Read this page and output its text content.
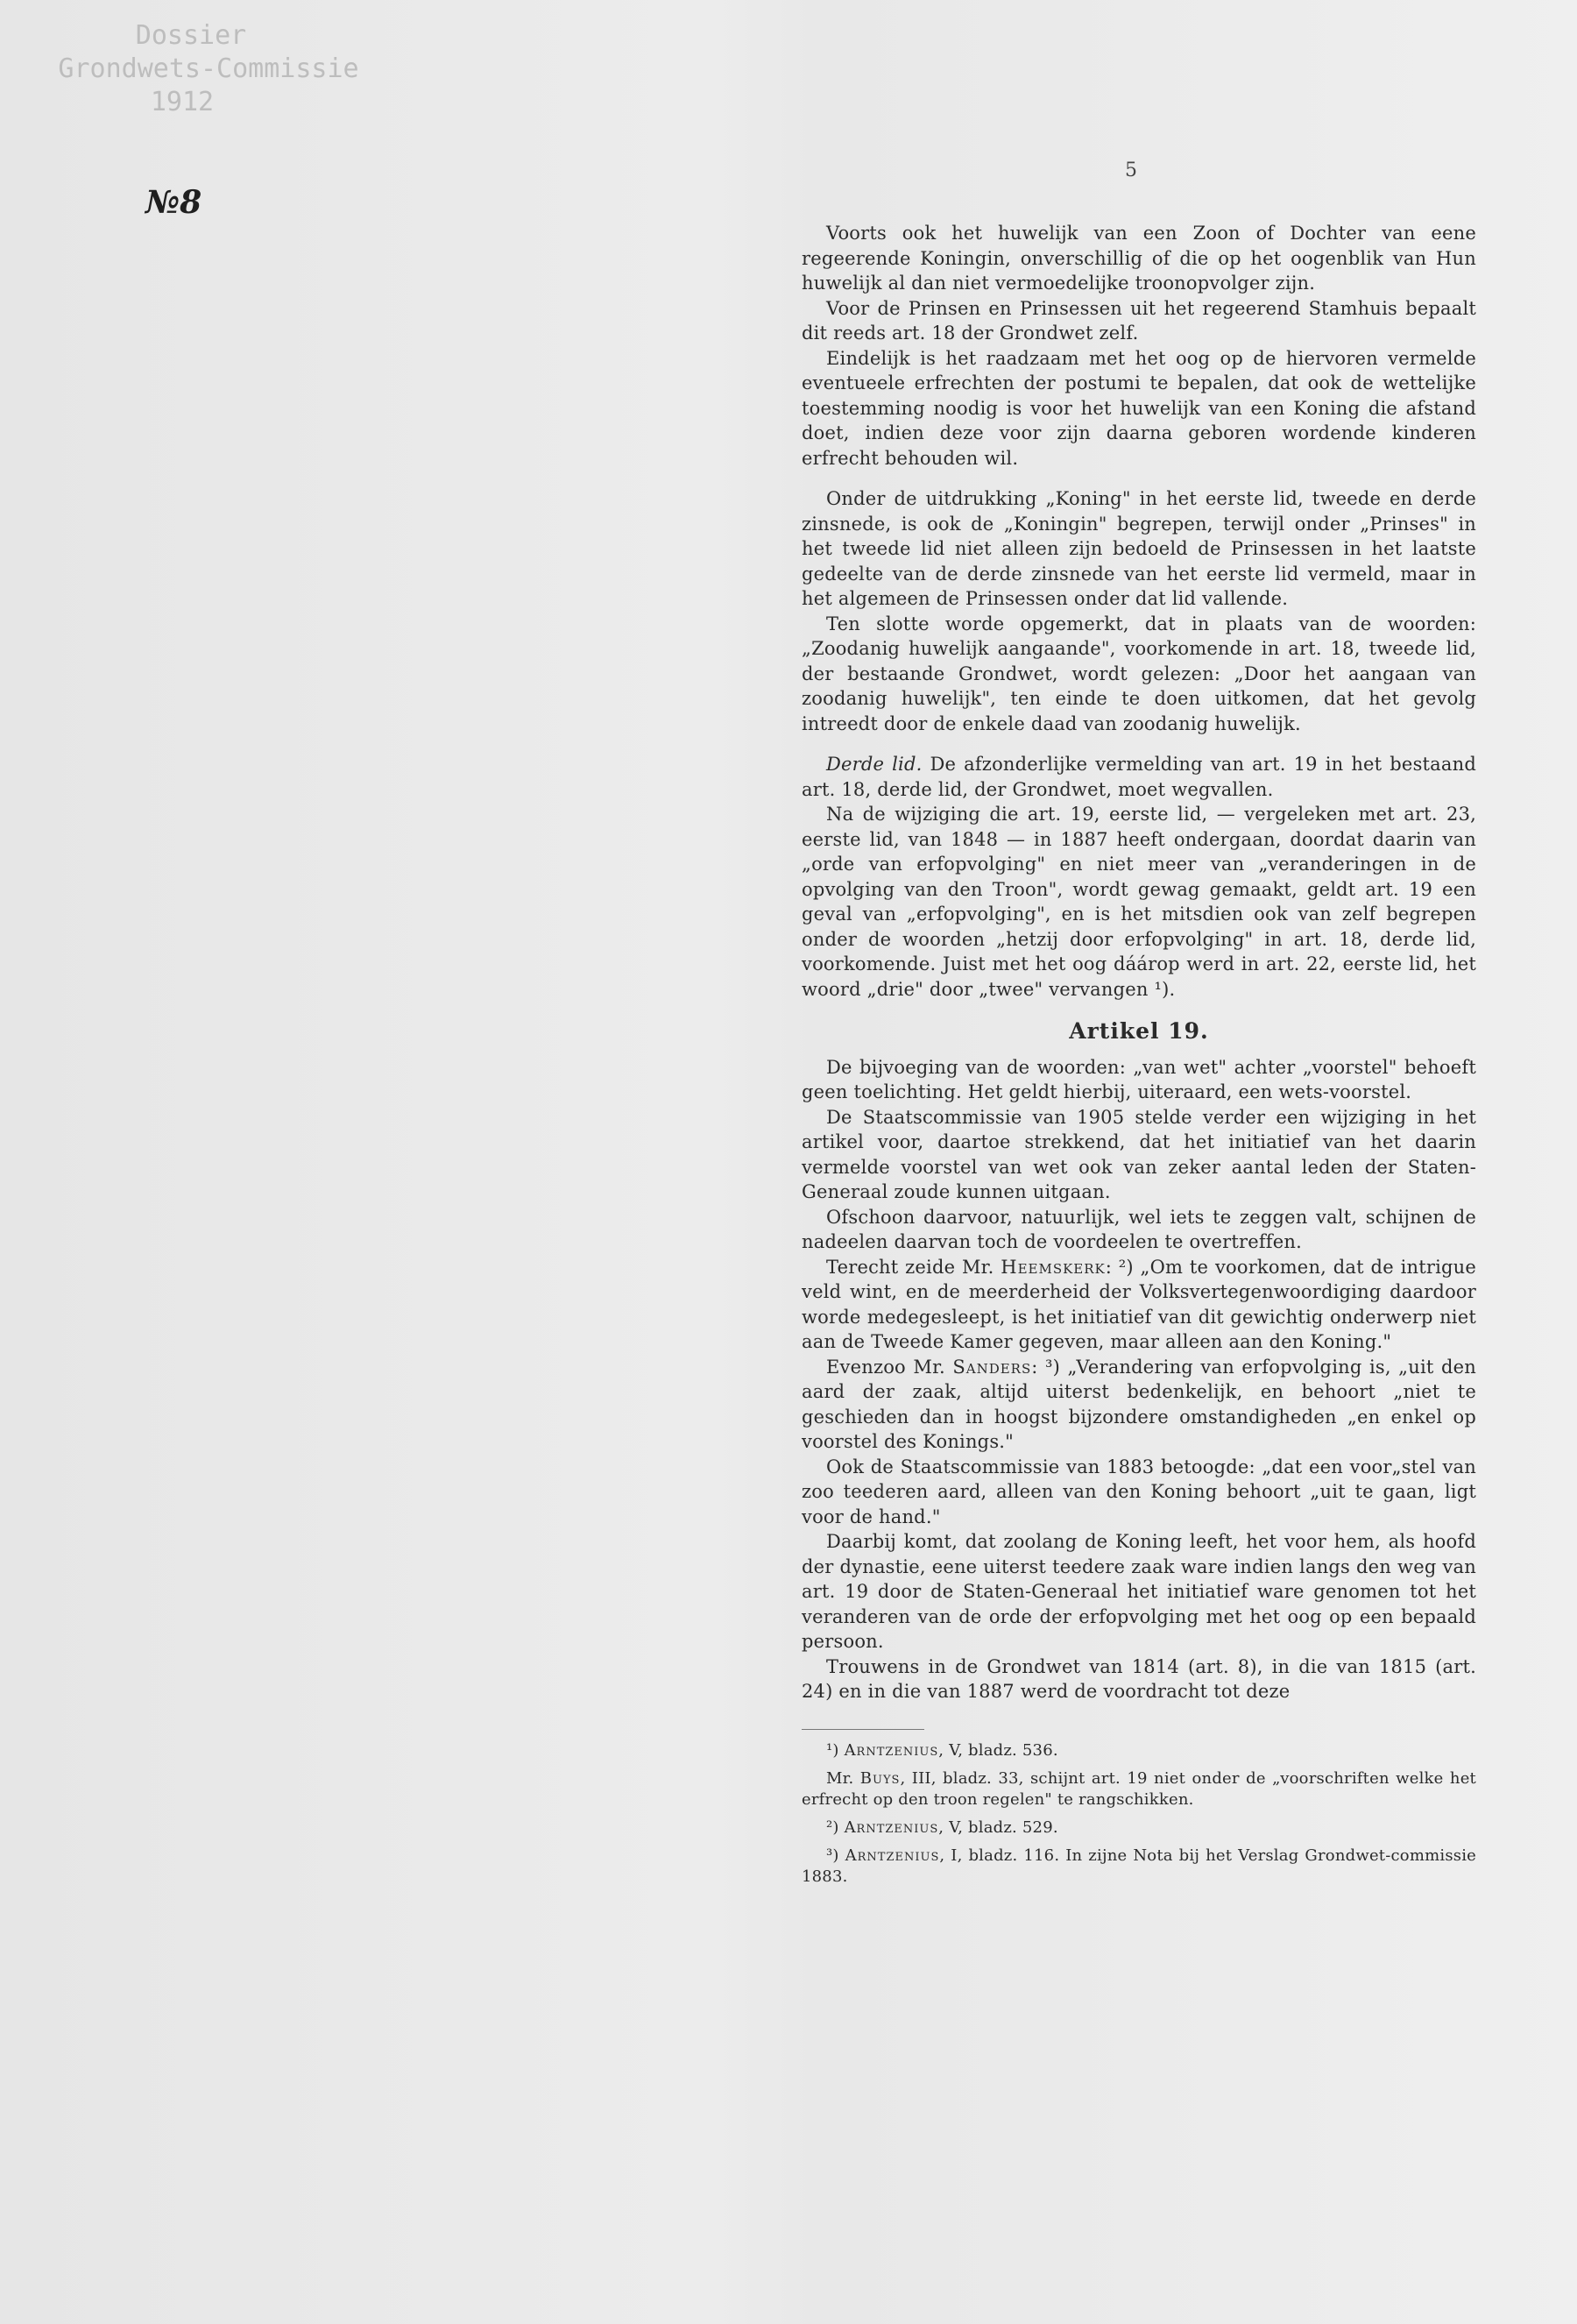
Dossier
Grondwets-Commissie
1912
№8
5

Voorts ook het huwelijk van een Zoon of Dochter van eene regeerende Koningin, onverschillig of die op het oogenblik van Hun huwelijk al dan niet vermoedelijke troonopvolger zijn.

Voor de Prinsen en Prinsessen uit het regeerend Stamhuis bepaalt dit reeds art. 18 der Grondwet zelf.

Eindelijk is het raadzaam met het oog op de hiervoren vermelde eventueele erfrechten der postumi te bepalen, dat ook de wettelijke toestemming noodig is voor het huwelijk van een Koning die afstand doet, indien deze voor zijn daarna geboren wordende kinderen erfrecht behouden wil.

Onder de uitdrukking „Koning" in het eerste lid, tweede en derde zinsnede, is ook de „Koningin" begrepen, terwijl onder „Prinses" in het tweede lid niet alleen zijn bedoeld de Prinsessen in het laatste gedeelte van de derde zinsnede van het eerste lid vermeld, maar in het algemeen de Prinsessen onder dat lid vallende.

Ten slotte worde opgemerkt, dat in plaats van de woorden: „Zoodanig huwelijk aangaande", voorkomende in art. 18, tweede lid, der bestaande Grondwet, wordt gelezen: „Door het aangaan van zoodanig huwelijk", ten einde te doen uitkomen, dat het gevolg intreedt door de enkele daad van zoodanig huwelijk.

Derde lid. De afzonderlijke vermelding van art. 19 in het bestaand art. 18, derde lid, der Grondwet, moet wegvallen.

Na de wijziging die art. 19, eerste lid, — vergeleken met art. 23, eerste lid, van 1848 — in 1887 heeft ondergaan, doordat daarin van „orde van erfopvolging" en niet meer van „veranderingen in de opvolging van den Troon", wordt gewag gemaakt, geldt art. 19 een geval van „erfopvolging", en is het mitsdien ook van zelf begrepen onder de woorden „hetzij door erfopvolging" in art. 18, derde lid, voorkomende. Juist met het oog dáárop werd in art. 22, eerste lid, het woord „drie" door „twee" vervangen ¹).

Artikel 19.

De bijvoeging van de woorden: „van wet" achter „voorstel" behoeft geen toelichting. Het geldt hierbij, uiteraard, een wets-voorstel.

De Staatscommissie van 1905 stelde verder een wijziging in het artikel voor, daartoe strekkend, dat het initiatief van het daarin vermelde voorstel van wet ook van zeker aantal leden der Staten-Generaal zoude kunnen uitgaan.

Ofschoon daarvoor, natuurlijk, wel iets te zeggen valt, schijnen de nadeelen daarvan toch de voordeelen te overtreffen.

Terecht zeide Mr. Heemskerk: ²) „Om te voorkomen, dat de intrigue veld wint, en de meerderheid der Volksvertegenwoordiging daardoor worde medegesleept, is het initiatief van dit gewichtig onderwerp niet aan de Tweede Kamer gegeven, maar alleen aan den Koning."

Evenzoo Mr. Sanders: ³) „Verandering van erfopvolging is, „uit den aard der zaak, altijd uiterst bedenkelijk, en behoort „niet te geschieden dan in hoogst bijzondere omstandigheden „en enkel op voorstel des Konings."

Ook de Staatscommissie van 1883 betoogde: „dat een voor„stel van zoo teederen aard, alleen van den Koning behoort „uit te gaan, ligt voor de hand."

Daarbij komt, dat zoolang de Koning leeft, het voor hem, als hoofd der dynastie, eene uiterst teedere zaak ware indien langs den weg van art. 19 door de Staten-Generaal het initiatief ware genomen tot het veranderen van de orde der erfopvolging met het oog op een bepaald persoon.

Trouwens in de Grondwet van 1814 (art. 8), in die van 1815 (art. 24) en in die van 1887 werd de voordracht tot deze

¹) Arntzenius, V, bladz. 536.

Mr. Buys, III, bladz. 33, schijnt art. 19 niet onder de „voorschriften welke het erfrecht op den troon regelen" te rangschikken.

²) Arntzenius, V, bladz. 529.

³) Arntzenius, I, bladz. 116. In zijne Nota bij het Verslag Grondwet-commissie 1883.
